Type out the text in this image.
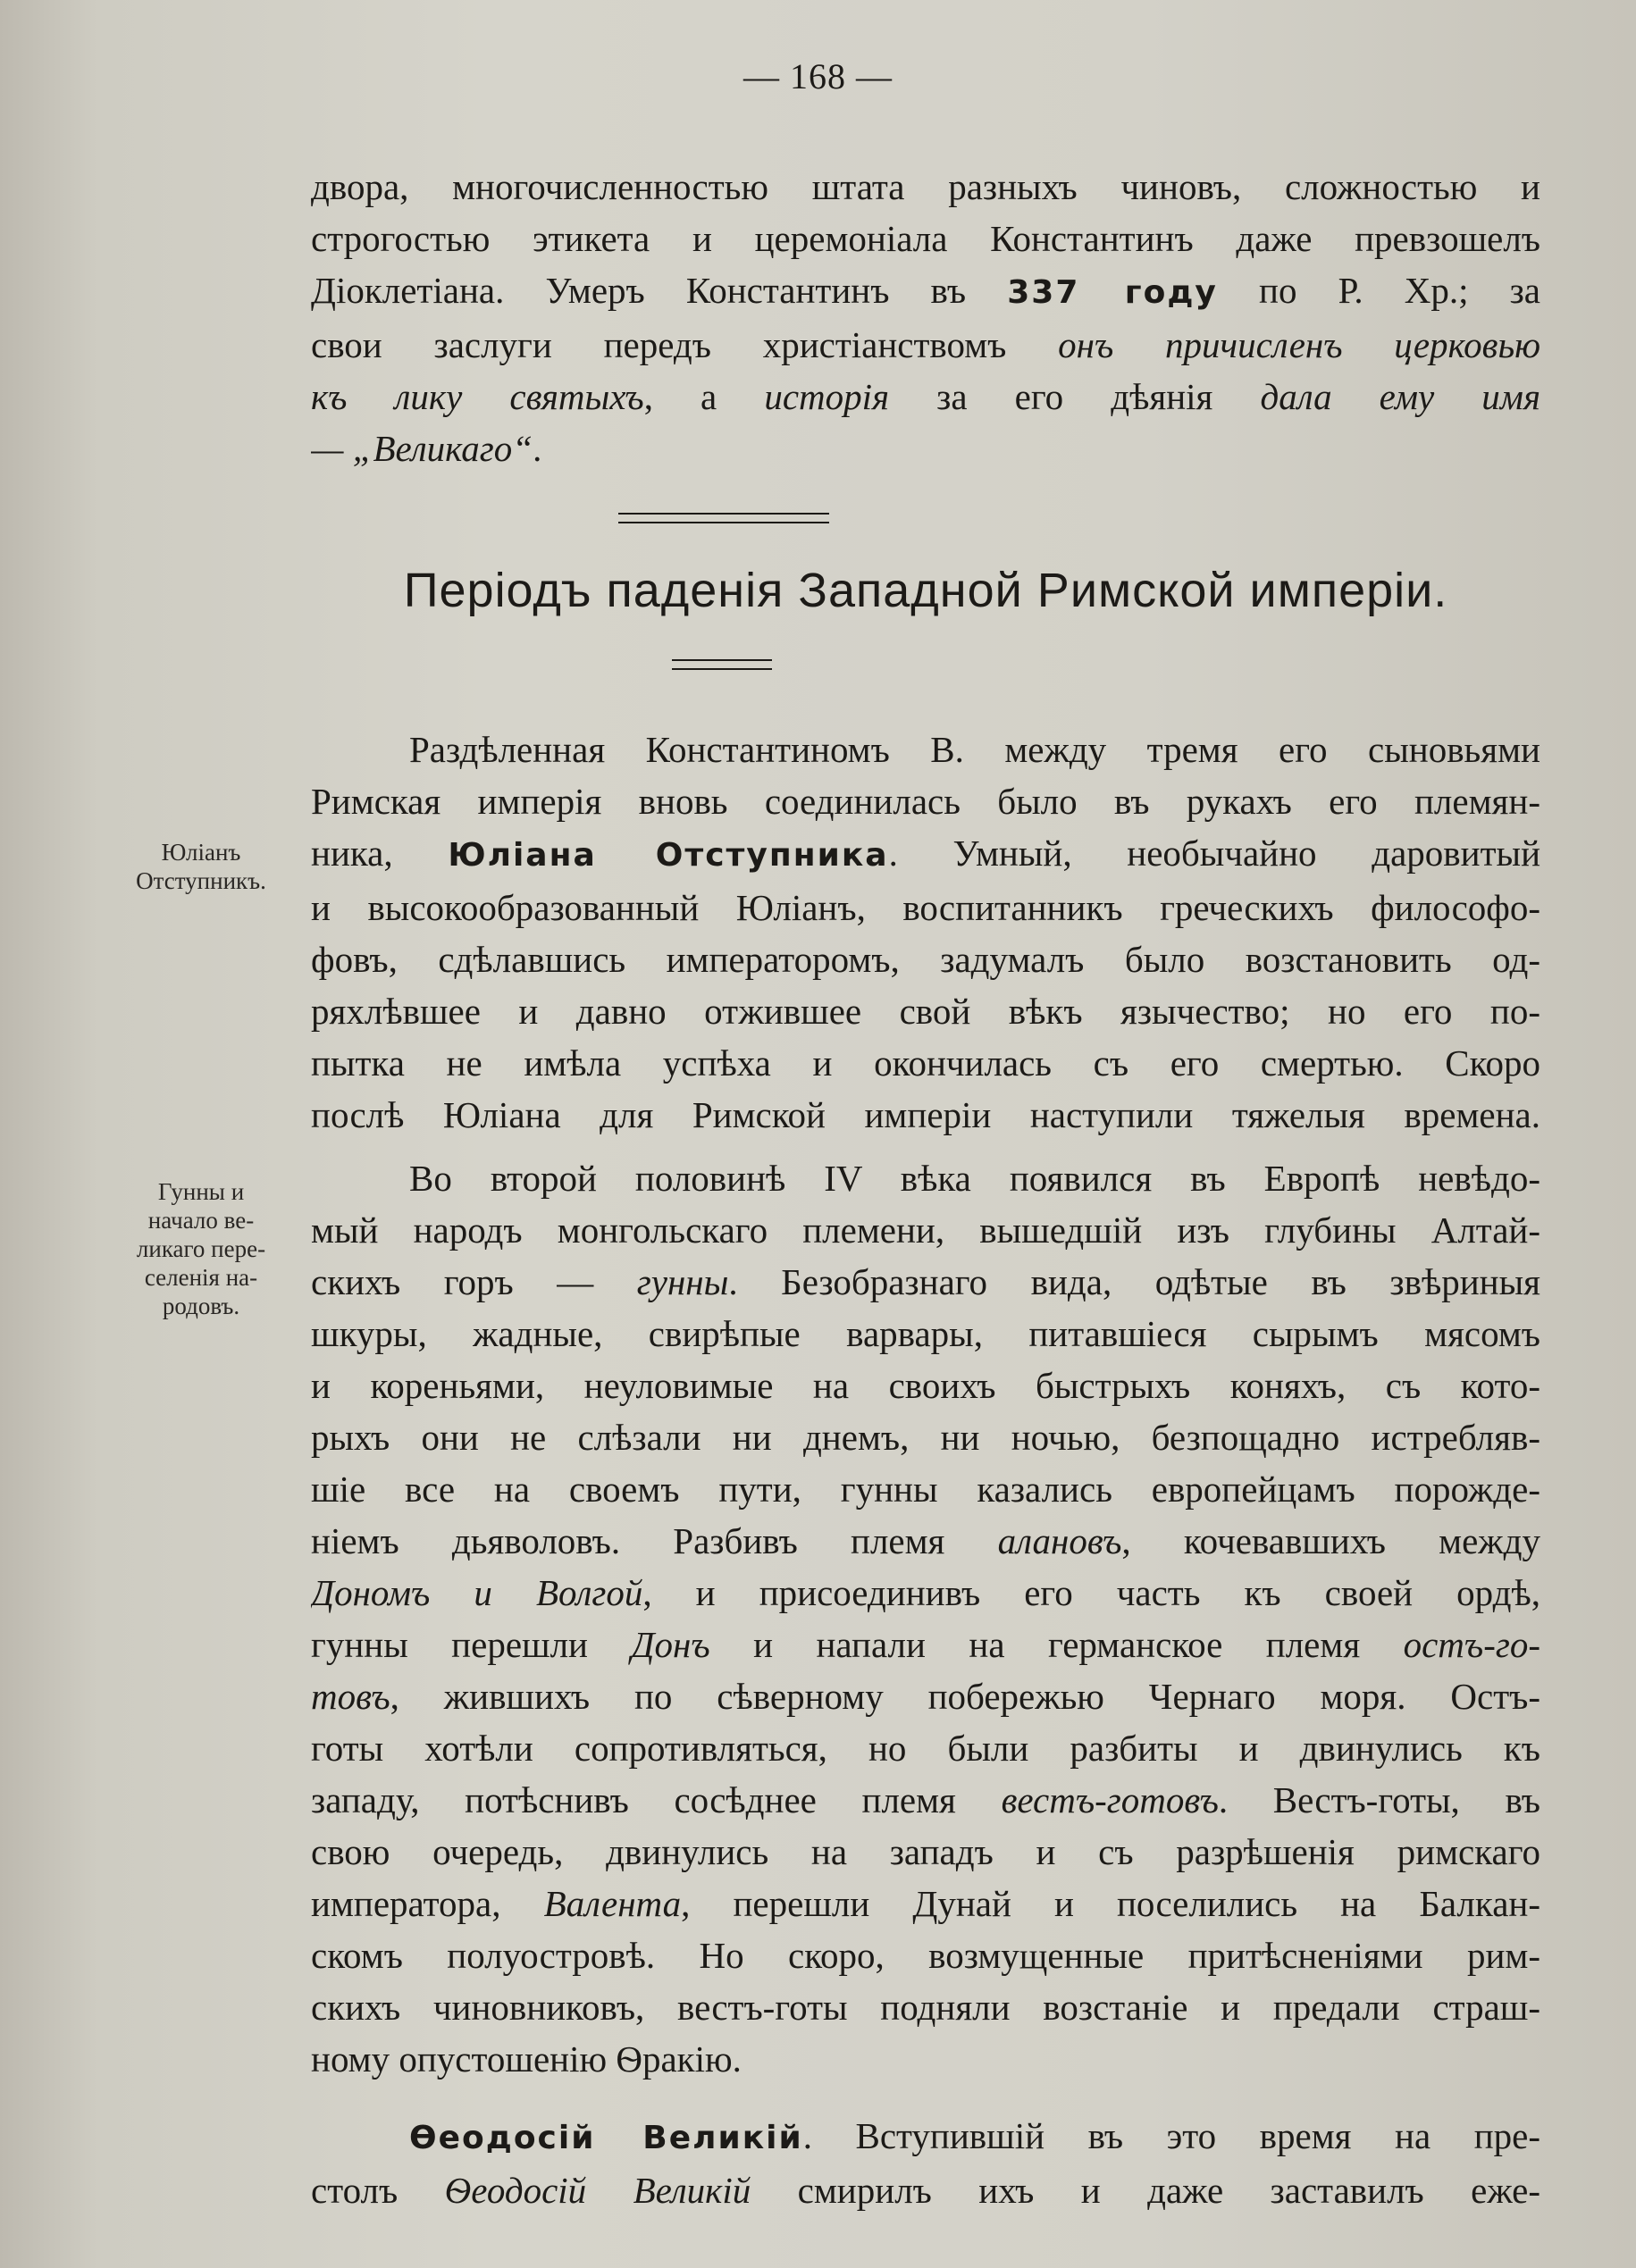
— 168 —
двора, многочисленностью штата разныхъ чиновъ, сложностью и
строгостью этикета и церемоніала Константинъ даже превзошелъ
Діоклетіана. Умеръ Константинъ въ 337 году по Р. Хр.; за
свои заслуги передъ христіанствомъ онъ причисленъ церковью
къ лику святыхъ, а исторія за его дѣянія дала ему имя
— „Великаго“.
Періодъ паденія Западной Римской имперіи.
Юліанъ
Отступникъ.
Гунны и
начало ве-
ликаго пере-
селенія на-
родовъ.
Раздѣленная Константиномъ В. между тремя его сыновьями
Римская имперія вновь соединилась было въ рукахъ его племян-
ника, Юліана Отступника. Умный, необычайно даровитый
и высокообразованный Юліанъ, воспитанникъ греческихъ философо-
фовъ, сдѣлавшись императоромъ, задумалъ было возстановить од-
ряхлѣвшее и давно отжившее свой вѣкъ язычество; но его по-
пытка не имѣла успѣха и окончилась съ его смертью. Скоро
послѣ Юліана для Римской имперіи наступили тяжелыя времена.
Во второй половинѣ IV вѣка появился въ Европѣ невѣдо-
мый народъ монгольскаго племени, вышедшій изъ глубины Алтай-
скихъ горъ — гунны. Безобразнаго вида, одѣтые въ звѣриныя
шкуры, жадные, свирѣпые варвары, питавшіеся сырымъ мясомъ
и кореньями, неуловимые на своихъ быстрыхъ коняхъ, съ кото-
рыхъ они не слѣзали ни днемъ, ни ночью, безпощадно истребляв-
шіе все на своемъ пути, гунны казались европейцамъ порожде-
ніемъ дьяволовъ. Разбивъ племя алановъ, кочевавшихъ между
Дономъ и Волгой, и присоединивъ его часть къ своей ордѣ,
гунны перешли Донъ и напали на германское племя остъ-го-
товъ, жившихъ по сѣверному побережью Чернаго моря. Остъ-
готы хотѣли сопротивляться, но были разбиты и двинулись къ
западу, потѣснивъ сосѣднее племя вестъ-готовъ. Вестъ-готы, въ
свою очередь, двинулись на западъ и съ разрѣшенія римскаго
императора, Валента, перешли Дунай и поселились на Балкан-
скомъ полуостровѣ. Но скоро, возмущенные притѣсненіями рим-
скихъ чиновниковъ, вестъ-готы подняли возстаніе и предали страш-
ному опустошенію Ѳракію.
Ѳеодосій Великій. Вступившій въ это время на пре-
столъ Ѳеодосій Великій смирилъ ихъ и даже заставилъ еже-
